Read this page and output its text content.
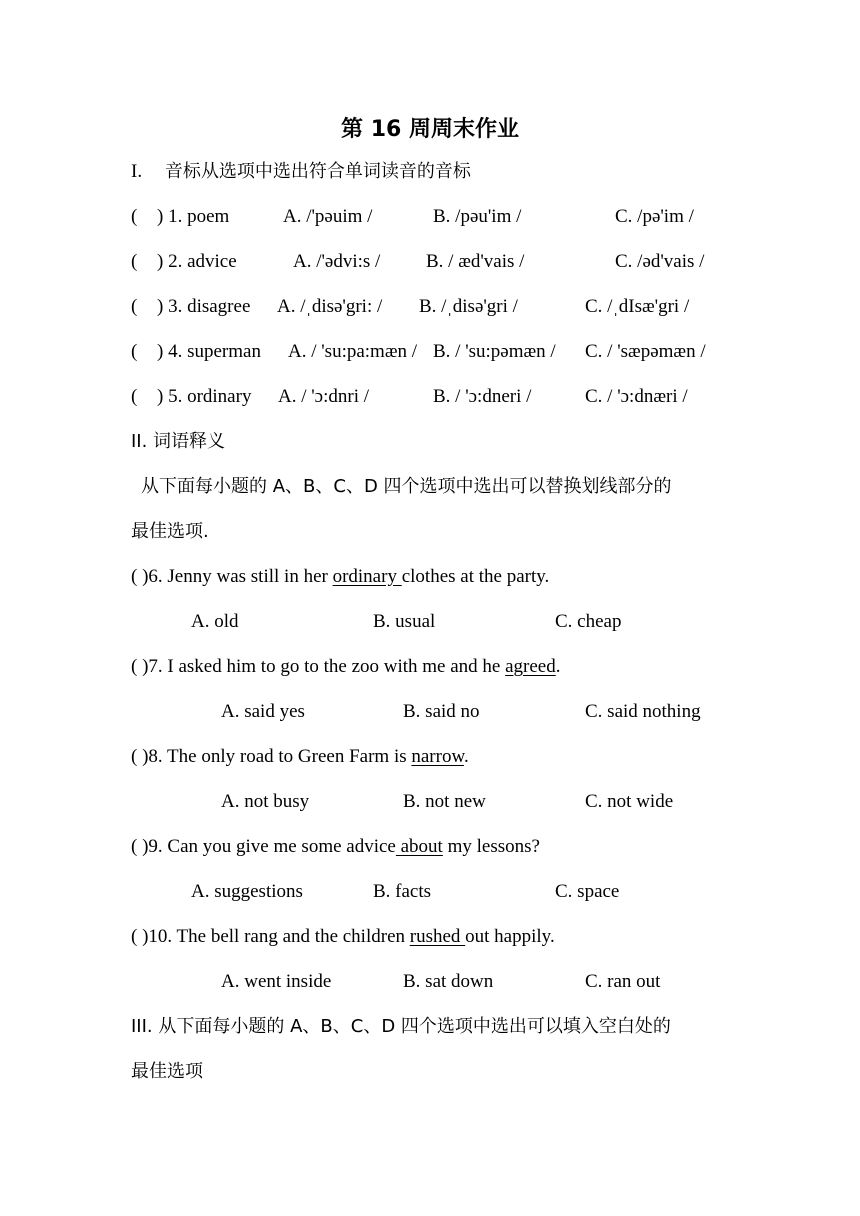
第 16 周周末作业
I. 音标从选项中选出符合单词读音的音标
( ) 1. poem	A. /'pəuim /	B. /pəu'im /	C. /pə'im /
( ) 2. advice	A. /'ədvi:s / B. / æd'vais /	C. /əd'vais /
( ) 3. disagree A. /ˌdisə'gri: / B. /ˌdisə'gri /	C. /ˌdIsæ'gri /
( ) 4. superman A. / 'su:pa:mæn / B. / 'su:pəmæn / C. / 'sæpəmæn /
( ) 5. ordinary A. / 'ɔ:dnri /	B. / 'ɔ:dneri /	C. / 'ɔ:dnæri /
II. 词语释义
从下面每小题的 A、B、C、D 四个选项中选出可以替换划线部分的
最佳选项.
( )6. Jenny was still in her ordinary clothes at the party.
A. old	B. usual	C. cheap
( )7. I asked him to go to the zoo with me and he agreed.
A. said yes	B. said no	C. said nothing
( )8. The only road to Green Farm is narrow.
A. not busy	B. not new	C. not wide
( )9. Can you give me some advice about my lessons?
A. suggestions	B. facts	C. space
( )10. The bell rang and the children rushed out happily.
A. went inside	B. sat down	C. ran out
III. 从下面每小题的 A、B、C、D 四个选项中选出可以填入空白处的
最佳选项
